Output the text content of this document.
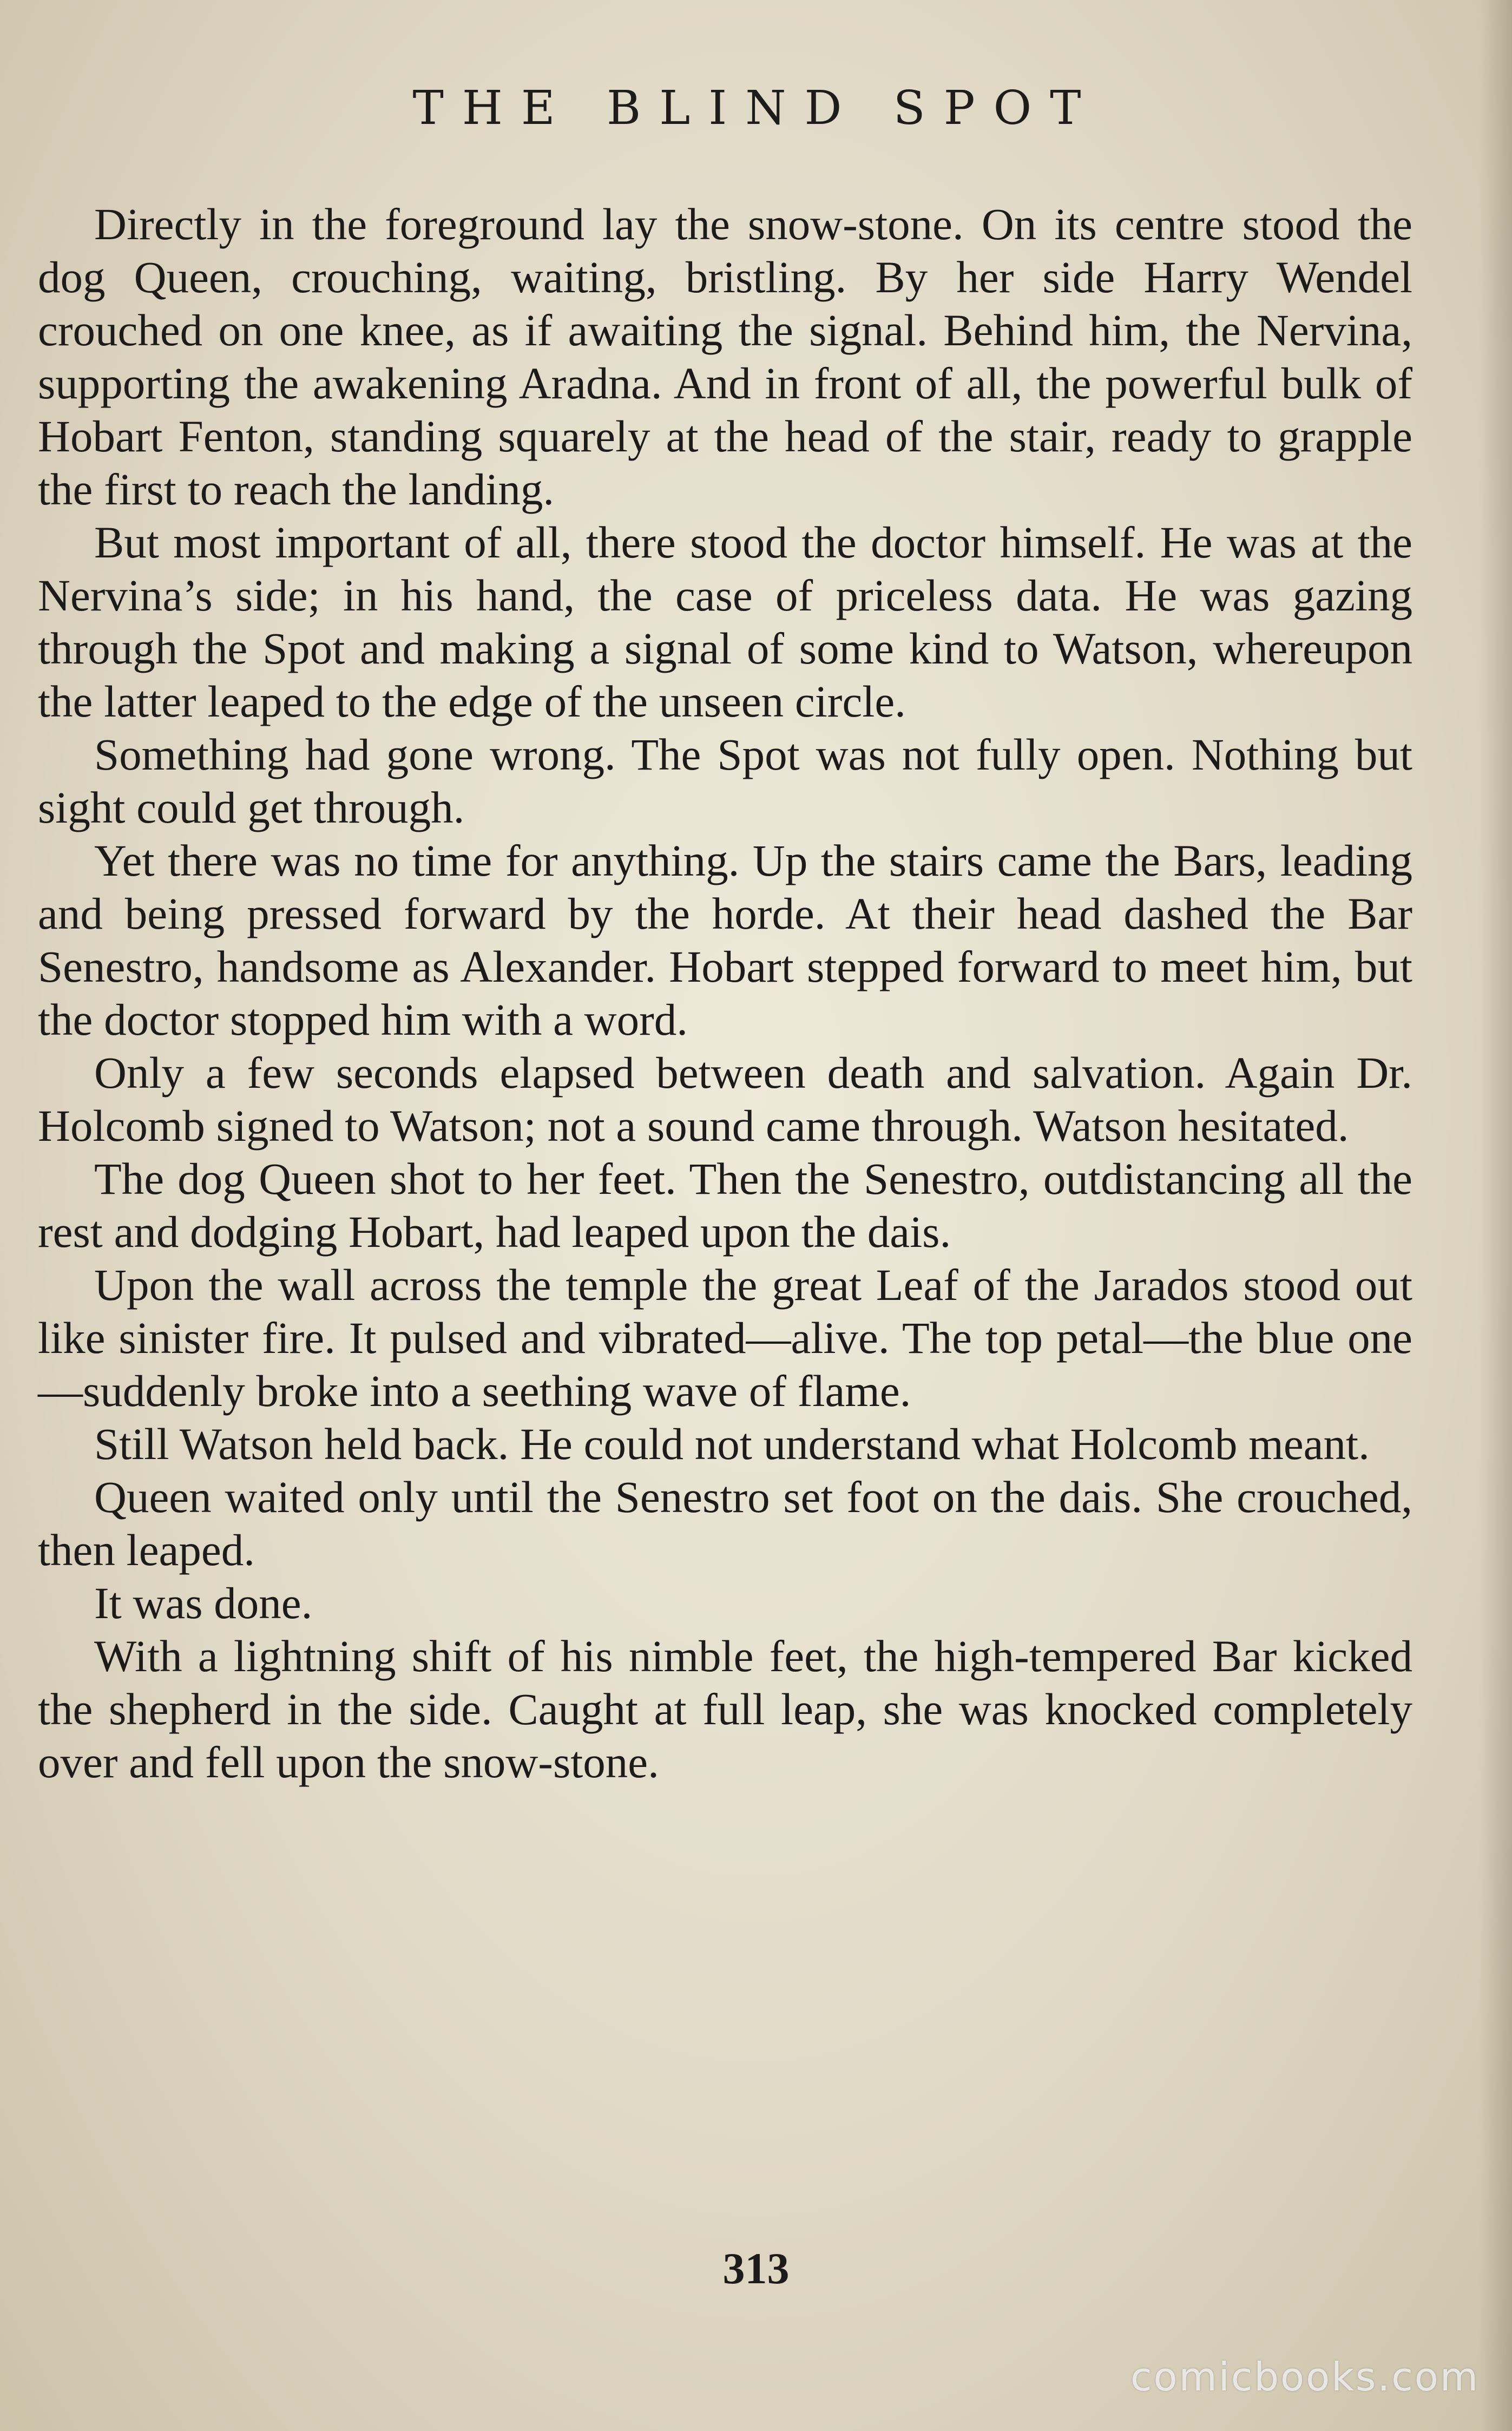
THE BLIND SPOT

Directly in the foreground lay the snow-stone. On its centre stood the dog Queen, crouching, waiting, bristling. By her side Harry Wendel crouched on one knee, as if awaiting the signal. Behind him, the Nervina, supporting the awakening Aradna. And in front of all, the powerful bulk of Hobart Fenton, standing squarely at the head of the stair, ready to grapple the first to reach the landing.

But most important of all, there stood the doctor himself. He was at the Nervina’s side; in his hand, the case of priceless data. He was gazing through the Spot and making a signal of some kind to Watson, whereupon the latter leaped to the edge of the unseen circle.

Something had gone wrong. The Spot was not fully open. Nothing but sight could get through.

Yet there was no time for anything. Up the stairs came the Bars, leading and being pressed forward by the horde. At their head dashed the Bar Senestro, handsome as Alexander. Hobart stepped forward to meet him, but the doctor stopped him with a word.

Only a few seconds elapsed between death and salvation. Again Dr. Holcomb signed to Watson; not a sound came through. Watson hesitated.

The dog Queen shot to her feet. Then the Senestro, outdistancing all the rest and dodging Hobart, had leaped upon the dais.

Upon the wall across the temple the great Leaf of the Jarados stood out like sinister fire. It pulsed and vibrated—alive. The top petal—the blue one—suddenly broke into a seething wave of flame.

Still Watson held back. He could not understand what Holcomb meant.

Queen waited only until the Senestro set foot on the dais. She crouched, then leaped.

It was done.

With a lightning shift of his nimble feet, the high-tempered Bar kicked the shepherd in the side. Caught at full leap, she was knocked completely over and fell upon the snow-stone.

313
comicbooks.com
